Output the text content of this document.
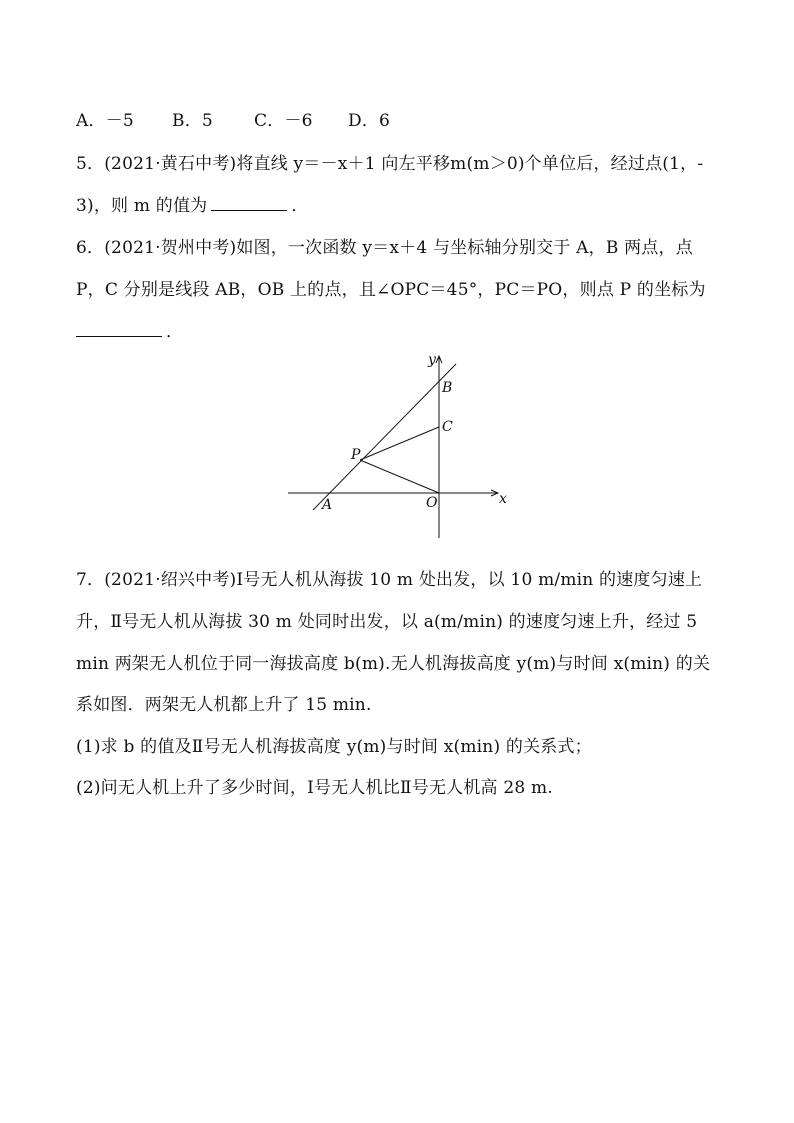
A．－5 B．5 C．－6 D．6
5．(2021·黄石中考)将直线 y＝－x＋1 向左平移m(m＞0)个单位后，经过点(1，-
3)，则 m 的值为	．
6．(2021·贺州中考)如图，一次函数 y＝x＋4 与坐标轴分别交于 A，B 两点，点
P，C 分别是线段 AB，OB 上的点，且∠OPC＝45°，PC＝PO，则点 P 的坐标为
．
y
x
B
C
P
A	O
7．(2021·绍兴中考)Ⅰ号无人机从海拔 10 m 处出发，以 10 m/min 的速度匀速上
升，Ⅱ号无人机从海拔 30 m 处同时出发，以 a(m/min) 的速度匀速上升，经过 5
min 两架无人机位于同一海拔高度 b(m).无人机海拔高度 y(m)与时间 x(min) 的关
系如图．两架无人机都上升了 15 min.
(1)求 b 的值及Ⅱ号无人机海拔高度 y(m)与时间 x(min) 的关系式；
(2)问无人机上升了多少时间，Ⅰ号无人机比Ⅱ号无人机高 28 m.
